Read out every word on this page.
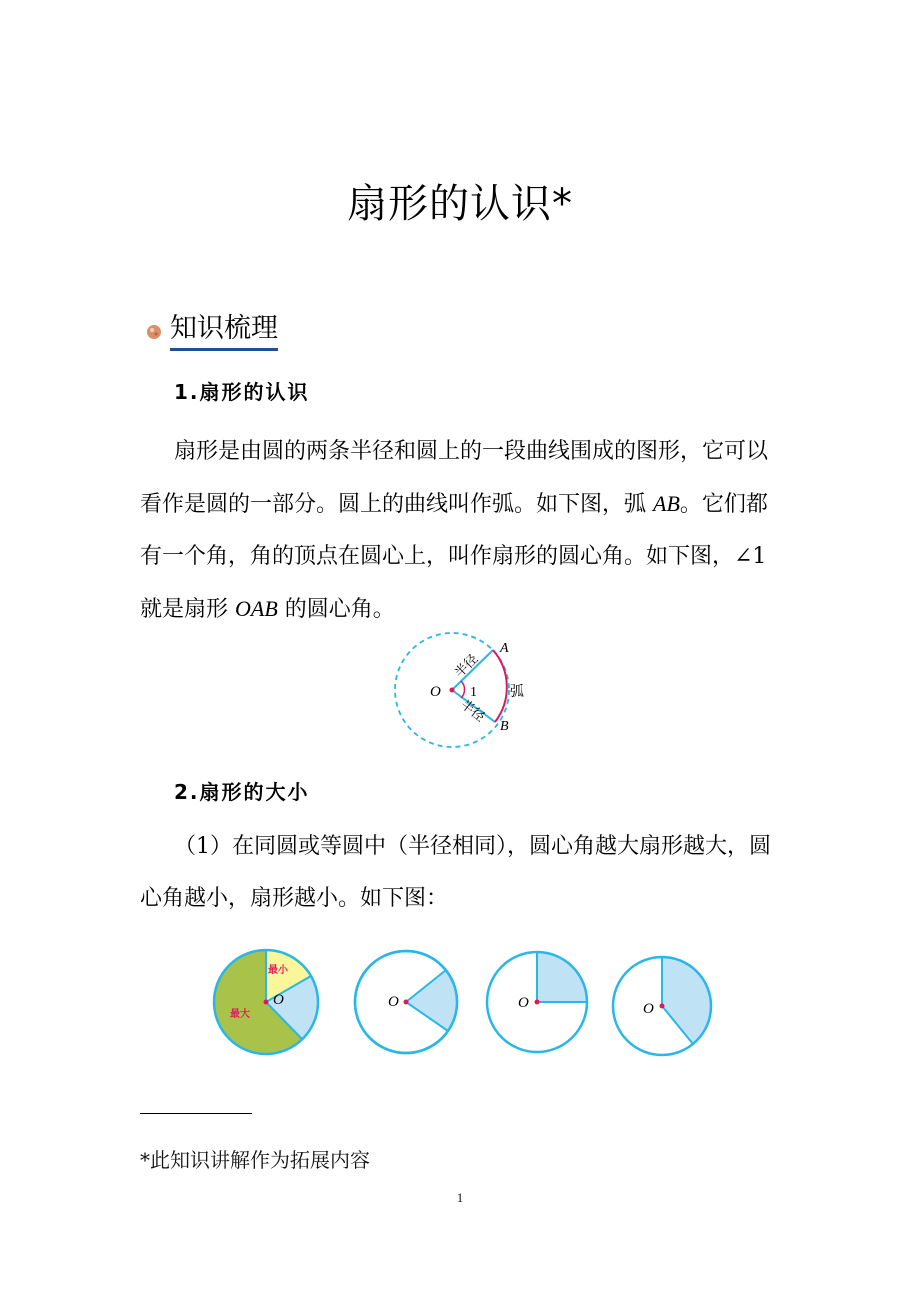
扇形的认识*
知识梳理
1.扇形的认识
扇形是由圆的两条半径和圆上的一段曲线围成的图形，它可以看作是圆的一部分。圆上的曲线叫作弧。如下图，弧 AB。它们都有一个角，角的顶点在圆心上，叫作扇形的圆心角。如下图，∠1 就是扇形 OAB 的圆心角。
O
A
B
1 弧
半径
半径
2.扇形的大小
（1）在同圆或等圆中（半径相同），圆心角越大扇形越大，圆心角越小，扇形越小。如下图：
最小
最大
O	O	O	O
*此知识讲解作为拓展内容
1
